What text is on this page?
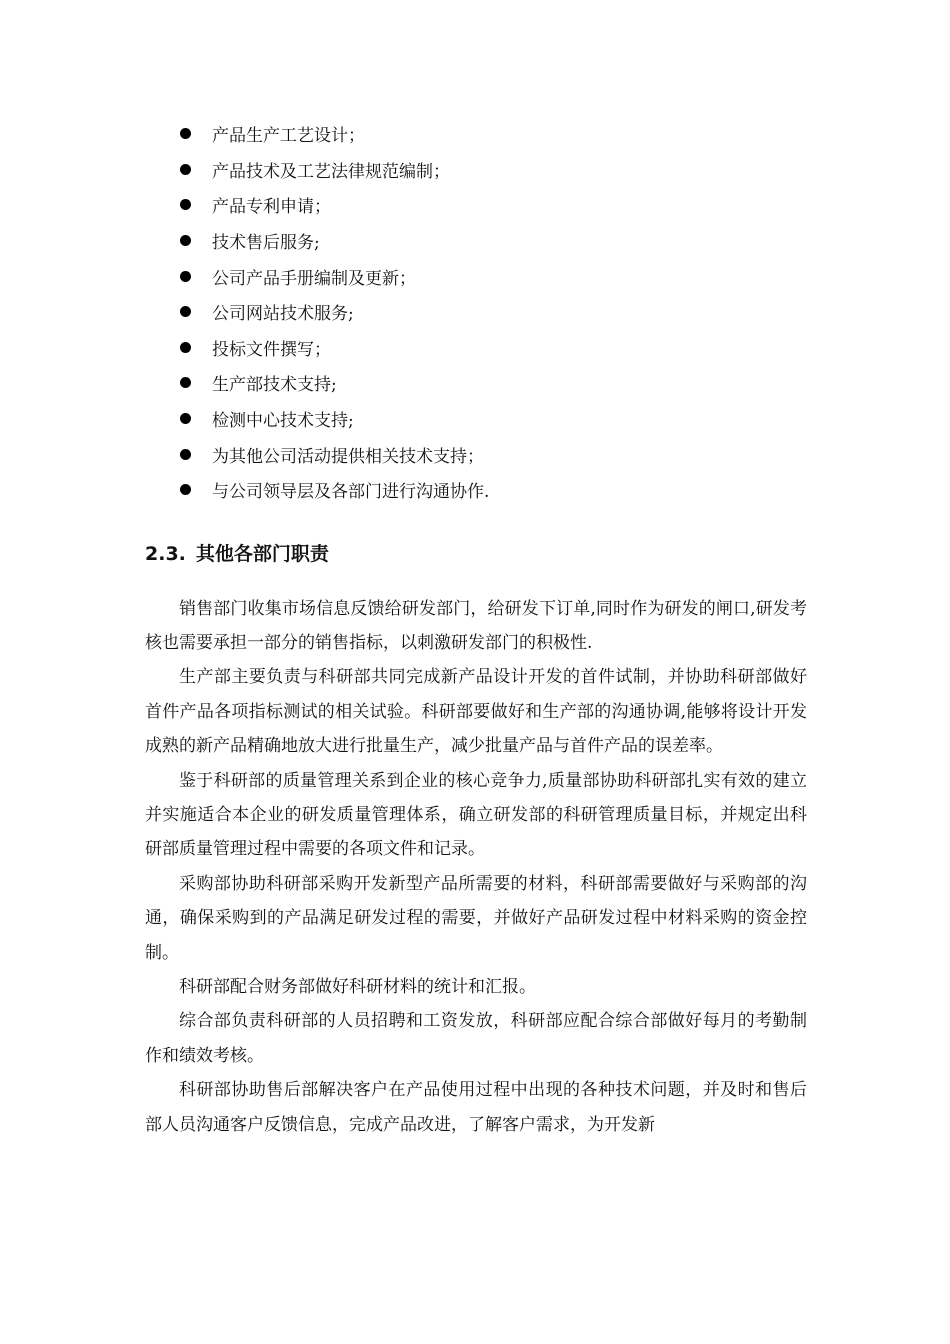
产品生产工艺设计；
产品技术及工艺法律规范编制；
产品专利申请；
技术售后服务;
公司产品手册编制及更新；
公司网站技术服务;
投标文件撰写；
生产部技术支持;
检测中心技术支持;
为其他公司活动提供相关技术支持；
与公司领导层及各部门进行沟通协作.
2.3. 其他各部门职责

销售部门收集市场信息反馈给研发部门，给研发下订单,同时作为研发的闸口,研发考核也需要承担一部分的销售指标，以刺激研发部门的积极性.

生产部主要负责与科研部共同完成新产品设计开发的首件试制，并协助科研部做好首件产品各项指标测试的相关试验。科研部要做好和生产部的沟通协调,能够将设计开发成熟的新产品精确地放大进行批量生产，减少批量产品与首件产品的误差率。

鉴于科研部的质量管理关系到企业的核心竞争力,质量部协助科研部扎实有效的建立并实施适合本企业的研发质量管理体系，确立研发部的科研管理质量目标，并规定出科研部质量管理过程中需要的各项文件和记录。

采购部协助科研部采购开发新型产品所需要的材料，科研部需要做好与采购部的沟通，确保采购到的产品满足研发过程的需要，并做好产品研发过程中材料采购的资金控制。

科研部配合财务部做好科研材料的统计和汇报。

综合部负责科研部的人员招聘和工资发放，科研部应配合综合部做好每月的考勤制作和绩效考核。

科研部协助售后部解决客户在产品使用过程中出现的各种技术问题，并及时和售后部人员沟通客户反馈信息，完成产品改进，了解客户需求，为开发新
